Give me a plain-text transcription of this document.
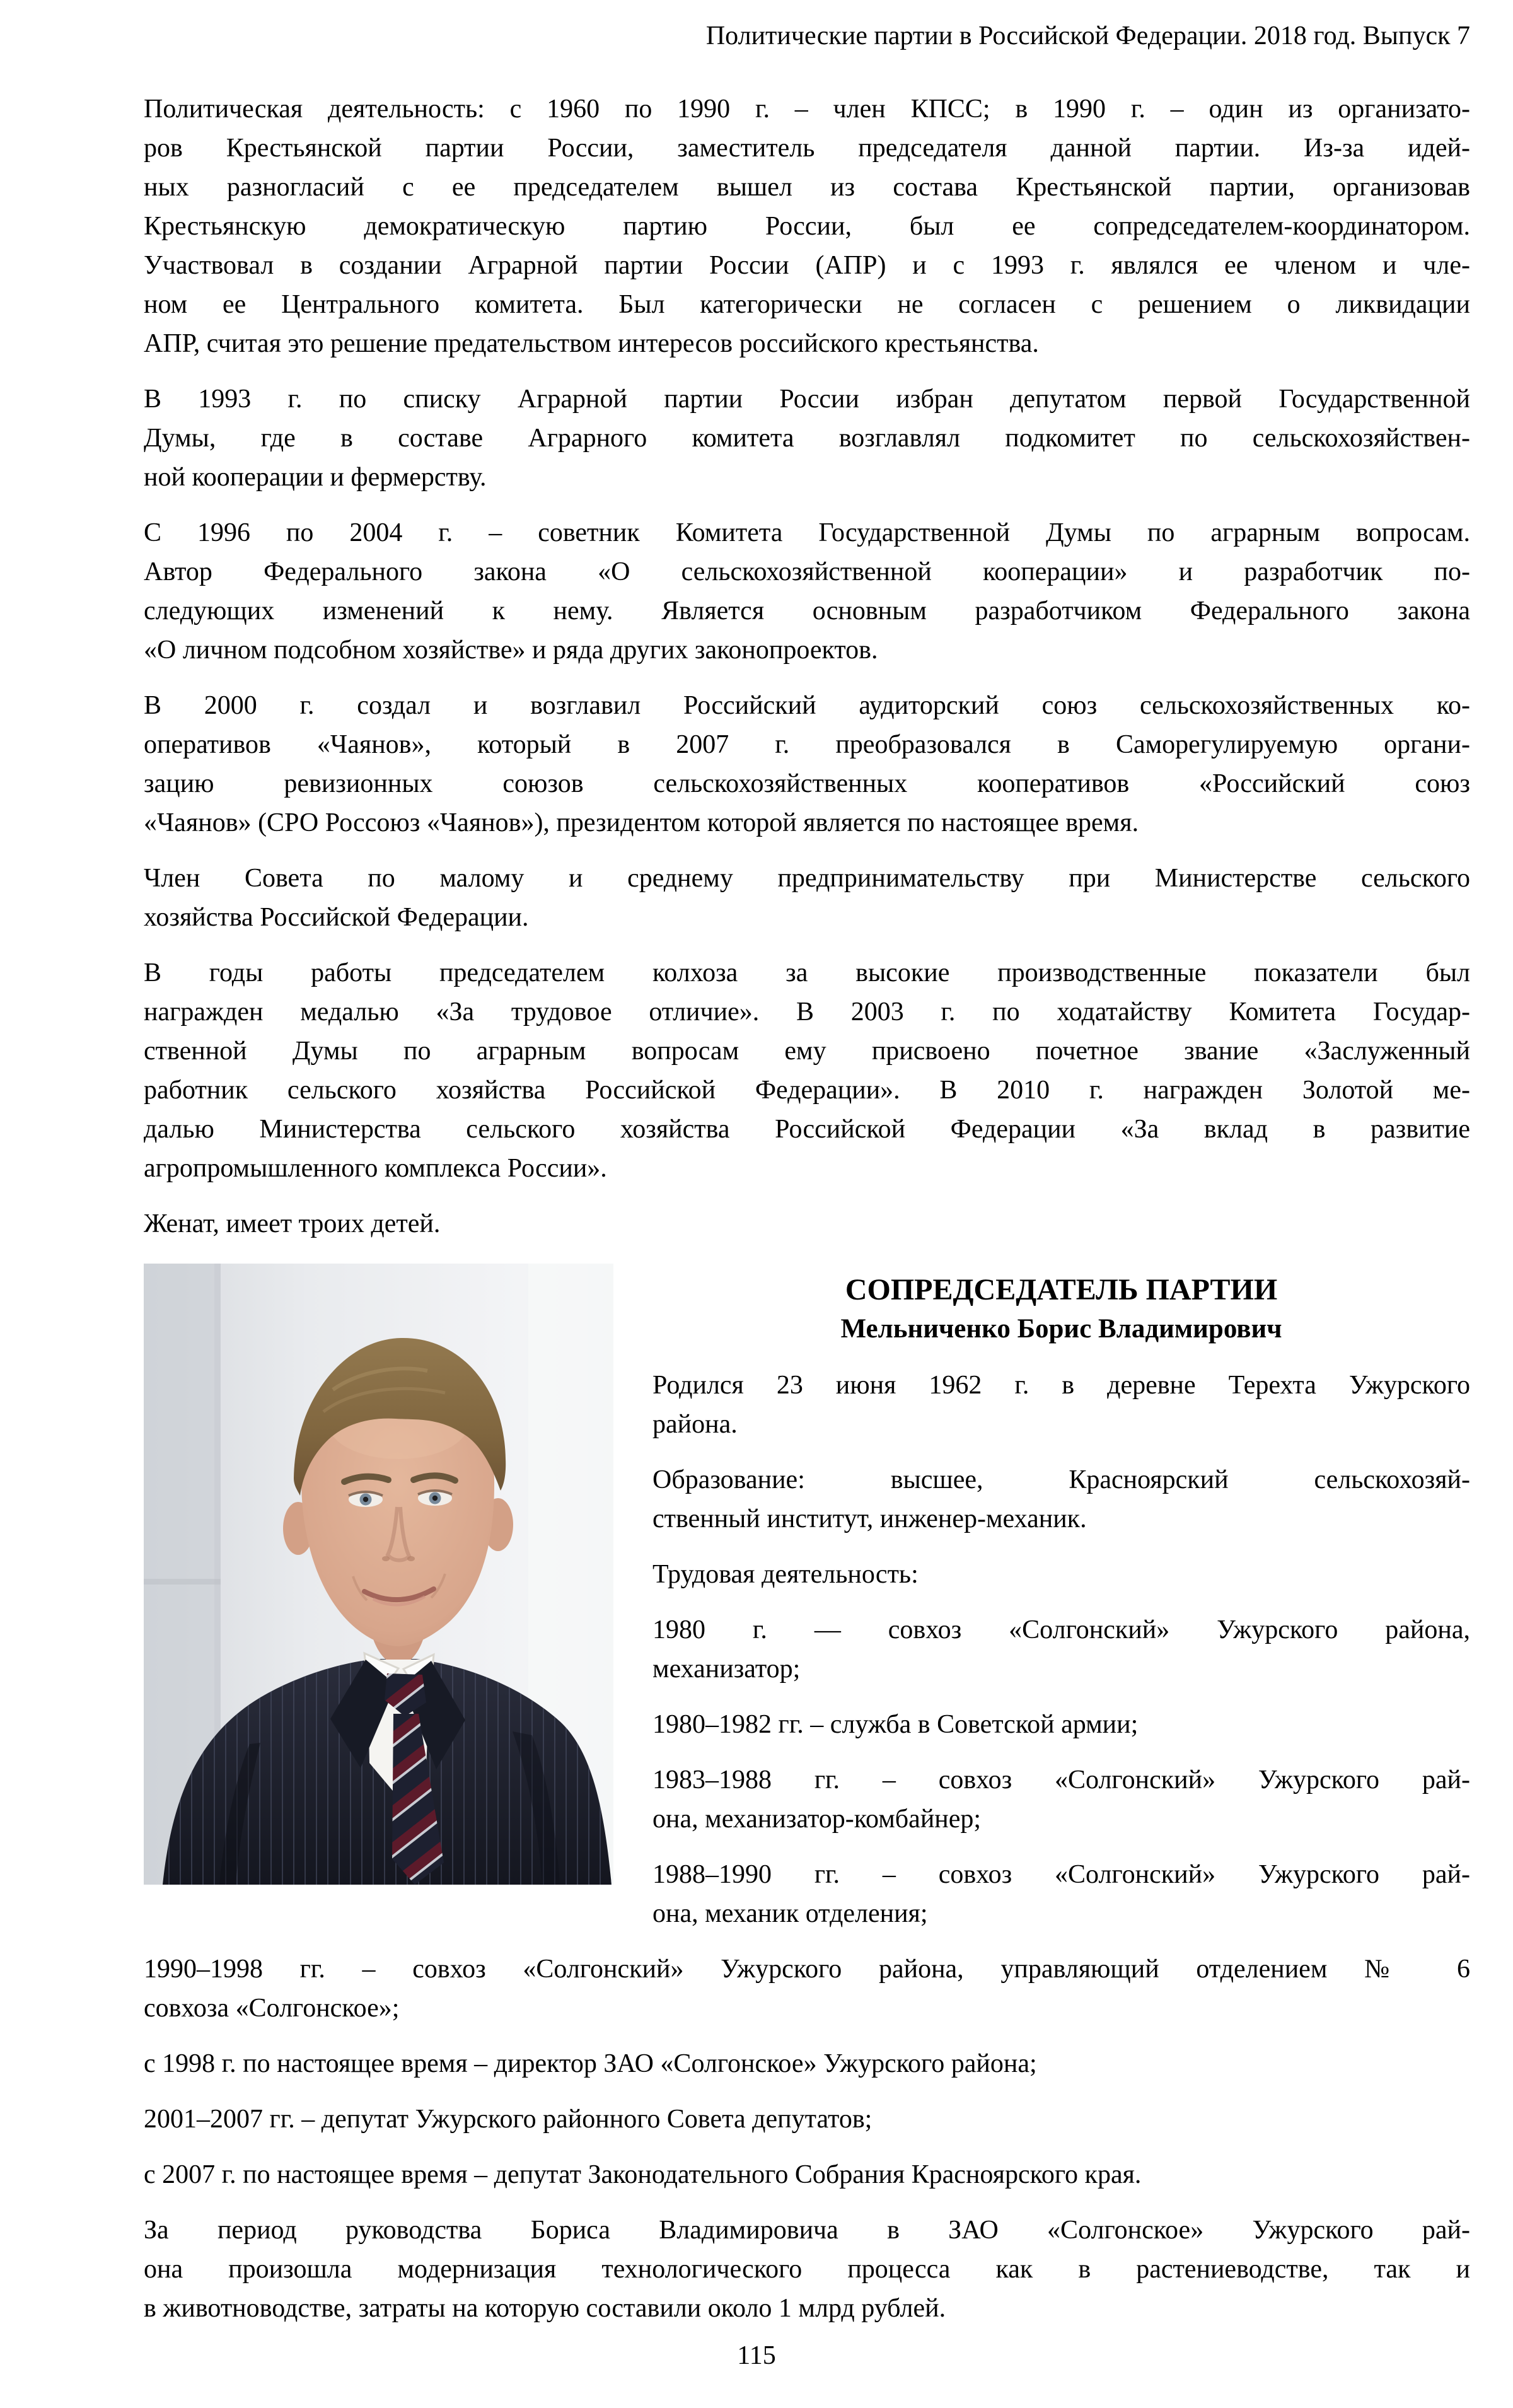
Политические партии в Российской Федерации. 2018 год. Выпуск 7
Политическая деятельность: с 1960 по 1990 г. – член КПСС; в 1990 г. – один из организато-
ров Крестьянской партии России, заместитель председателя данной партии. Из-за идей-
ных разногласий с ее председателем вышел из состава Крестьянской партии, организовав
Крестьянскую демократическую партию России, был ее сопредседателем-координатором.
Участвовал в создании Аграрной партии России (АПР) и с 1993 г. являлся ее членом и чле-
ном ее Центрального комитета. Был категорически не согласен с решением о ликвидации
АПР, считая это решение предательством интересов российского крестьянства.
В 1993 г. по списку Аграрной партии России избран депутатом первой Государственной
Думы, где в составе Аграрного комитета возглавлял подкомитет по сельскохозяйствен-
ной кооперации и фермерству.
С 1996 по 2004 г. – советник Комитета Государственной Думы по аграрным вопросам.
Автор Федерального закона «О сельскохозяйственной кооперации» и разработчик по-
следующих изменений к нему. Является основным разработчиком Федерального закона
«О личном подсобном хозяйстве» и ряда других законопроектов.
В 2000 г. создал и возглавил Российский аудиторский союз сельскохозяйственных ко-
оперативов «Чаянов», который в 2007 г. преобразовался в Саморегулируемую органи-
зацию ревизионных союзов сельскохозяйственных кооперативов «Российский союз
«Чаянов» (СРО Россоюз «Чаянов»), президентом которой является по настоящее время.
Член Совета по малому и среднему предпринимательству при Министерстве сельского
хозяйства Российской Федерации.
В годы работы председателем колхоза за высокие производственные показатели был
награжден медалью «За трудовое отличие». В 2003 г. по ходатайству Комитета Государ-
ственной Думы по аграрным вопросам ему присвоено почетное звание «Заслуженный
работник сельского хозяйства Российской Федерации». В 2010 г. награжден Золотой ме-
далью Министерства сельского хозяйства Российской Федерации «За вклад в развитие
агропромышленного комплекса России».
Женат, имеет троих детей.
СОПРЕДСЕДАТЕЛЬ ПАРТИИ
Мельниченко Борис Владимирович
Родился 23 июня 1962 г. в деревне Терехта Ужурского
района.
Образование: высшее, Красноярский сельскохозяй-
ственный институт, инженер-механик.
Трудовая деятельность:
1980 г. — совхоз «Солгонский» Ужурского района,
механизатор;
1980–1982 гг. – служба в Советской армии;
1983–1988 гг. – совхоз «Солгонский» Ужурского рай-
она, механизатор-комбайнер;
1988–1990 гг. – совхоз «Солгонский» Ужурского рай-
она, механик отделения;
1990–1998 гг. – совхоз «Солгонский» Ужурского района, управляющий отделением № 6
совхоза «Солгонское»;
с 1998 г. по настоящее время – директор ЗАО «Солгонское» Ужурского района;
2001–2007 гг. – депутат Ужурского районного Совета депутатов;
с 2007 г. по настоящее время – депутат Законодательного Собрания Красноярского края.
За период руководства Бориса Владимировича в ЗАО «Солгонское» Ужурского рай-
она произошла модернизация технологического процесса как в растениеводстве, так и
в животноводстве, затраты на которую составили около 1 млрд рублей.
115
